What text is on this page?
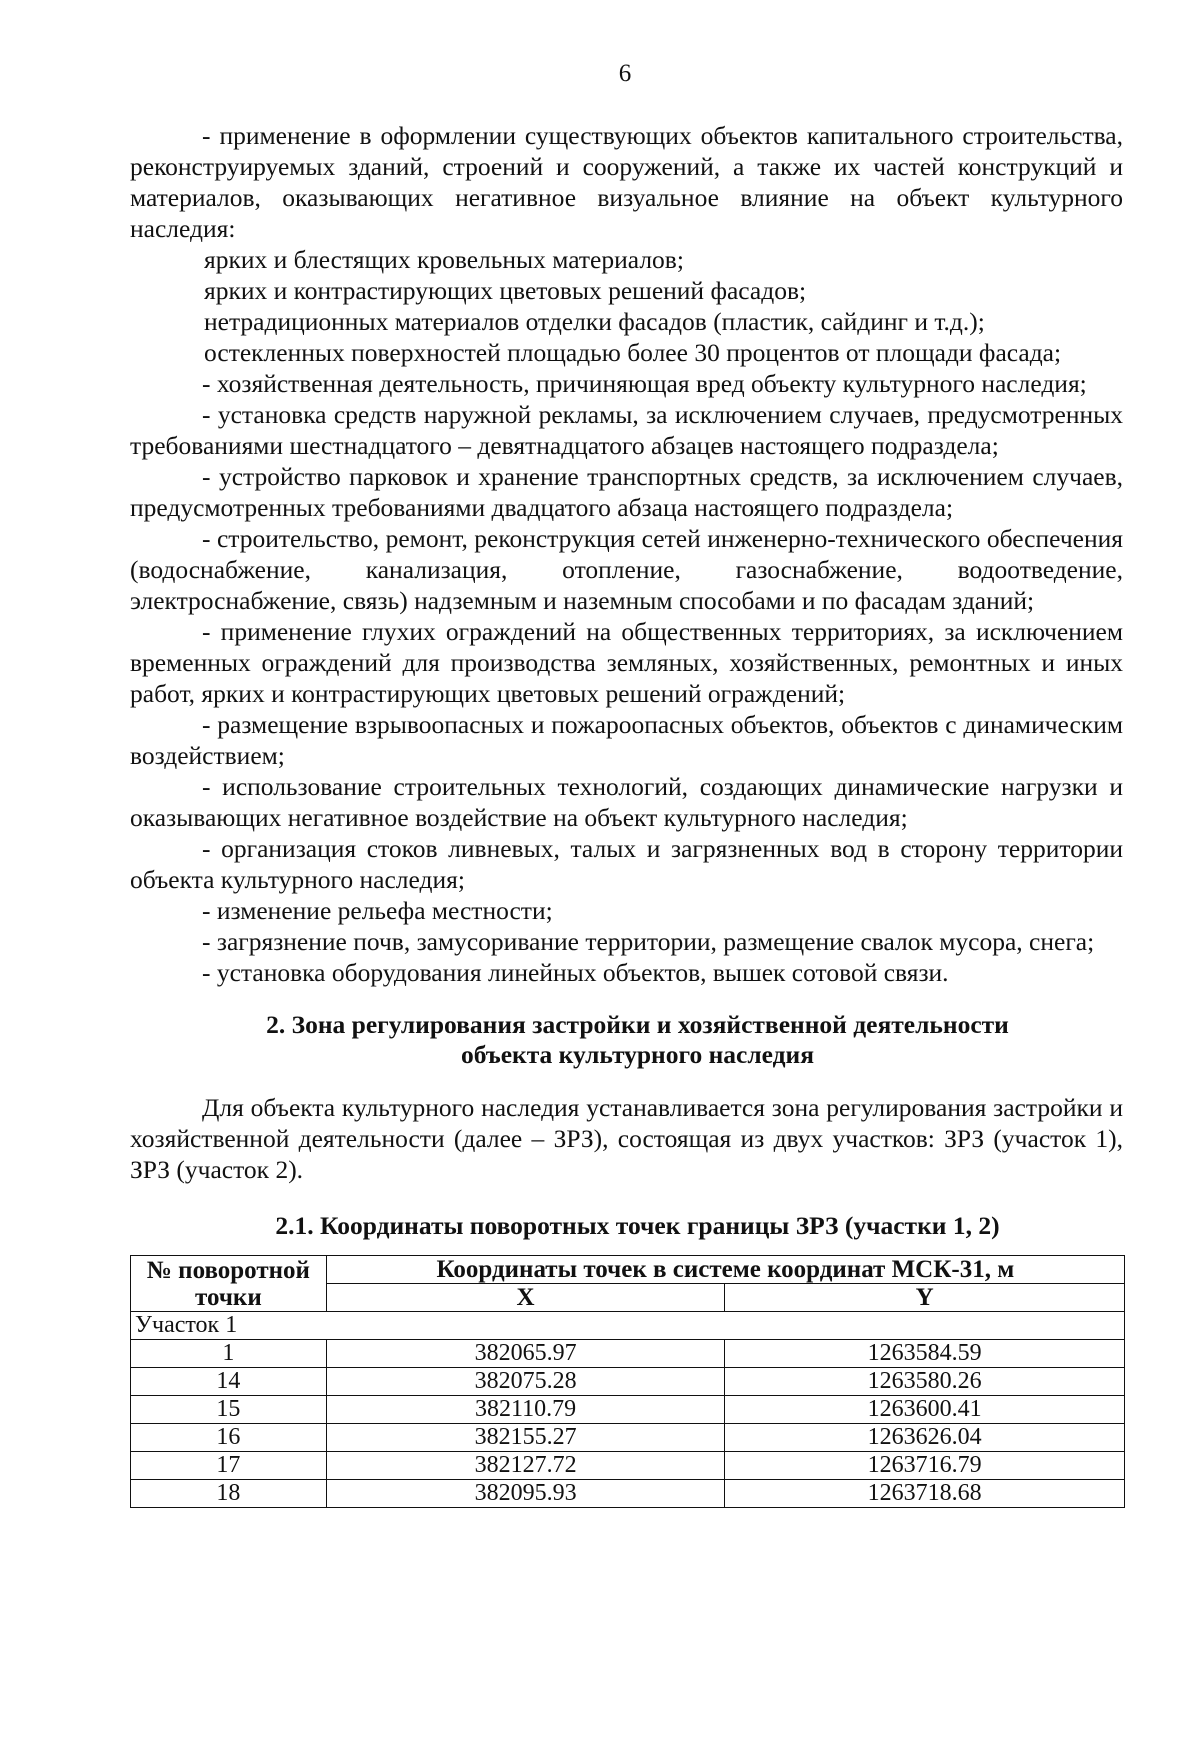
6

- применение в оформлении существующих объектов капитального строительства, реконструируемых зданий, строений и сооружений, а также их частей конструкций и материалов, оказывающих негативное визуальное влияние на объект культурного наследия:

ярких и блестящих кровельных материалов;

ярких и контрастирующих цветовых решений фасадов;

нетрадиционных материалов отделки фасадов (пластик, сайдинг и т.д.);

остекленных поверхностей площадью более 30 процентов от площади фасада;

- хозяйственная деятельность, причиняющая вред объекту культурного наследия;

- установка средств наружной рекламы, за исключением случаев, предусмотренных требованиями шестнадцатого – девятнадцатого абзацев настоящего подраздела;

- устройство парковок и хранение транспортных средств, за исключением случаев, предусмотренных требованиями двадцатого абзаца настоящего подраздела;

- строительство, ремонт, реконструкция сетей инженерно-технического обеспечения (водоснабжение, канализация, отопление, газоснабжение, водоотведение, электроснабжение, связь) надземным и наземным способами и по фасадам зданий;

- применение глухих ограждений на общественных территориях, за исключением временных ограждений для производства земляных, хозяйственных, ремонтных и иных работ, ярких и контрастирующих цветовых решений ограждений;

- размещение взрывоопасных и пожароопасных объектов, объектов с динамическим воздействием;

- использование строительных технологий, создающих динамические нагрузки и оказывающих негативное воздействие на объект культурного наследия;

- организация стоков ливневых, талых и загрязненных вод в сторону территории объекта культурного наследия;

- изменение рельефа местности;

- загрязнение почв, замусоривание территории, размещение свалок мусора, снега;

- установка оборудования линейных объектов, вышек сотовой связи.

2. Зона регулирования застройки и хозяйственной деятельности
объекта культурного наследия

Для объекта культурного наследия устанавливается зона регулирования застройки и хозяйственной деятельности (далее – ЗРЗ), состоящая из двух участков: ЗРЗ (участок 1), ЗРЗ (участок 2).

2.1. Координаты поворотных точек границы ЗРЗ (участки 1, 2)
№ поворотной
точки	Координаты точек в системе координат МСК-31, м	
	X	Y
Участок 1		
1	382065.97	1263584.59
14	382075.28	1263580.26
15	382110.79	1263600.41
16	382155.27	1263626.04
17	382127.72	1263716.79
18	382095.93	1263718.68
